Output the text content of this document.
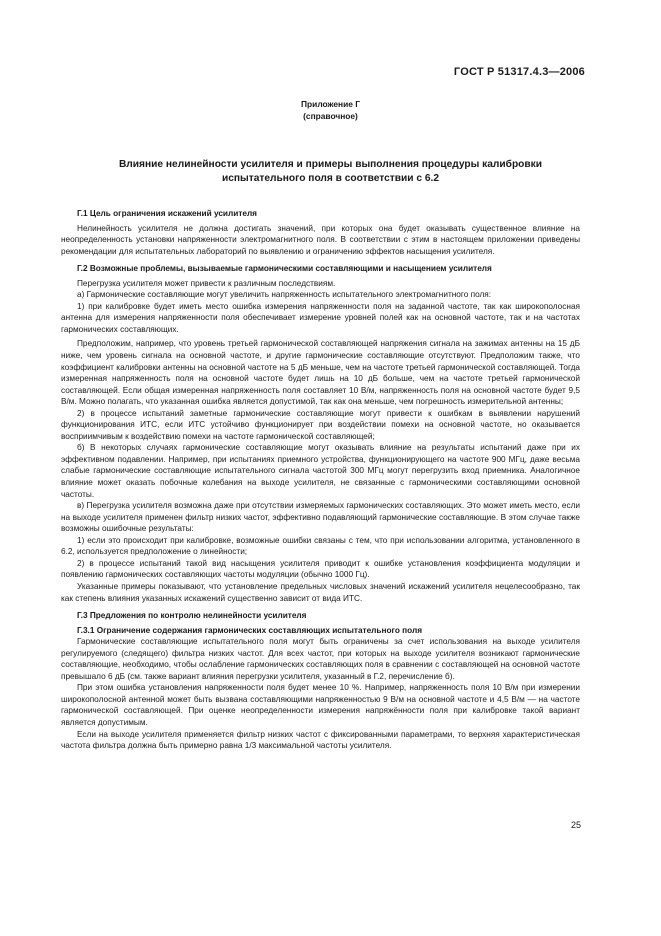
ГОСТ Р 51317.4.3—2006
Приложение Г
(справочное)
Влияние нелинейности усилителя и примеры выполнения процедуры калибровки
испытательного поля в соответствии с 6.2
Г.1 Цель ограничения искажений усилителя

Нелинейность усилителя не должна достигать значений, при которых она будет оказывать существенное влияние на неопределенность установки напряженности электромагнитного поля. В соответствии с этим в настоящем приложении приведены рекомендации для испытательных лабораторий по выявлению и ограничению эффектов насыщения усилителя.

Г.2 Возможные проблемы, вызываемые гармоническими составляющими и насыщением усилителя

Перегрузка усилителя может привести к различным последствиям.

а) Гармонические составляющие могут увеличить напряженность испытательного электромагнитного поля:

1) при калибровке будет иметь место ошибка измерения напряженности поля на заданной частоте, так как широкополосная антенна для измерения напряженности поля обеспечивает измерение уровней полей как на основной частоте, так и на частотах гармонических составляющих.

Предположим, например, что уровень третьей гармонической составляющей напряжения сигнала на зажимах антенны на 15 дБ ниже, чем уровень сигнала на основной частоте, и другие гармонические составляющие отсутствуют. Предположим также, что коэффициент калибровки антенны на основной частоте на 5 дБ меньше, чем на частоте третьей гармонической составляющей. Тогда измеренная напряженность поля на основной частоте будет лишь на 10 дБ больше, чем на частоте третьей гармонической составляющей. Если общая измеренная напряженность поля составляет 10 В/м, напряженность поля на основной частоте будет 9,5 В/м. Можно полагать, что указанная ошибка является допустимой, так как она меньше, чем погрешность измерительной антенны;

2) в процессе испытаний заметные гармонические составляющие могут привести к ошибкам в выявлении нарушений функционирования ИТС, если ИТС устойчиво функционирует при воздействии помехи на основной частоте, но оказывается восприимчивым к воздействию помехи на частоте гармонической составляющей;

б) В некоторых случаях гармонические составляющие могут оказывать влияние на результаты испытаний даже при их эффективном подавлении. Например, при испытаниях приемного устройства, функционирующего на частоте 900 МГц, даже весьма слабые гармонические составляющие испытательного сигнала частотой 300 МГц могут перегрузить вход приемника. Аналогичное влияние может оказать побочные колебания на выходе усилителя, не связанные с гармоническими составляющими основной частоты.

в) Перегрузка усилителя возможна даже при отсутствии измеряемых гармонических составляющих. Это может иметь место, если на выходе усилителя применен фильтр низких частот, эффективно подавляющий гармонические составляющие. В этом случае также возможны ошибочные результаты:

1) если это происходит при калибровке, возможные ошибки связаны с тем, что при использовании алгоритма, установленного в 6.2, используется предположение о линейности;

2) в процессе испытаний такой вид насыщения усилителя приводит к ошибке установления коэффициента модуляции и появлению гармонических составляющих частоты модуляции (обычно 1000 Гц).

Указанные примеры показывают, что установление предельных числовых значений искажений усилителя нецелесообразно, так как степень влияния указанных искажений существенно зависит от вида ИТС.

Г.3 Предложения по контролю нелинейности усилителя
Г.3.1 Ограничение содержания гармонических составляющих испытательного поля

Гармонические составляющие испытательного поля могут быть ограничены за счет использования на выходе усилителя регулируемого (следящего) фильтра низких частот. Для всех частот, при которых на выходе усилителя возникают гармонические составляющие, необходимо, чтобы ослабление гармонических составляющих поля в сравнении с составляющей на основной частоте превышало 6 дБ (см. также вариант влияния перегрузки усилителя, указанный в Г.2, перечисление б).

При этом ошибка установления напряженности поля будет менее 10 %. Например, напряженность поля 10 В/м при измерении широкополосной антенной может быть вызвана составляющими напряженностью 9 В/м на основной частоте и 4,5 В/м — на частоте гармонической составляющей. При оценке неопределенности измерения напряжённости поля при калибровке такой вариант является допустимым.

Если на выходе усилителя применяется фильтр низких частот с фиксированными параметрами, то верхняя характеристическая частота фильтра должна быть примерно равна 1/3 максимальной частоты усилителя.

25
